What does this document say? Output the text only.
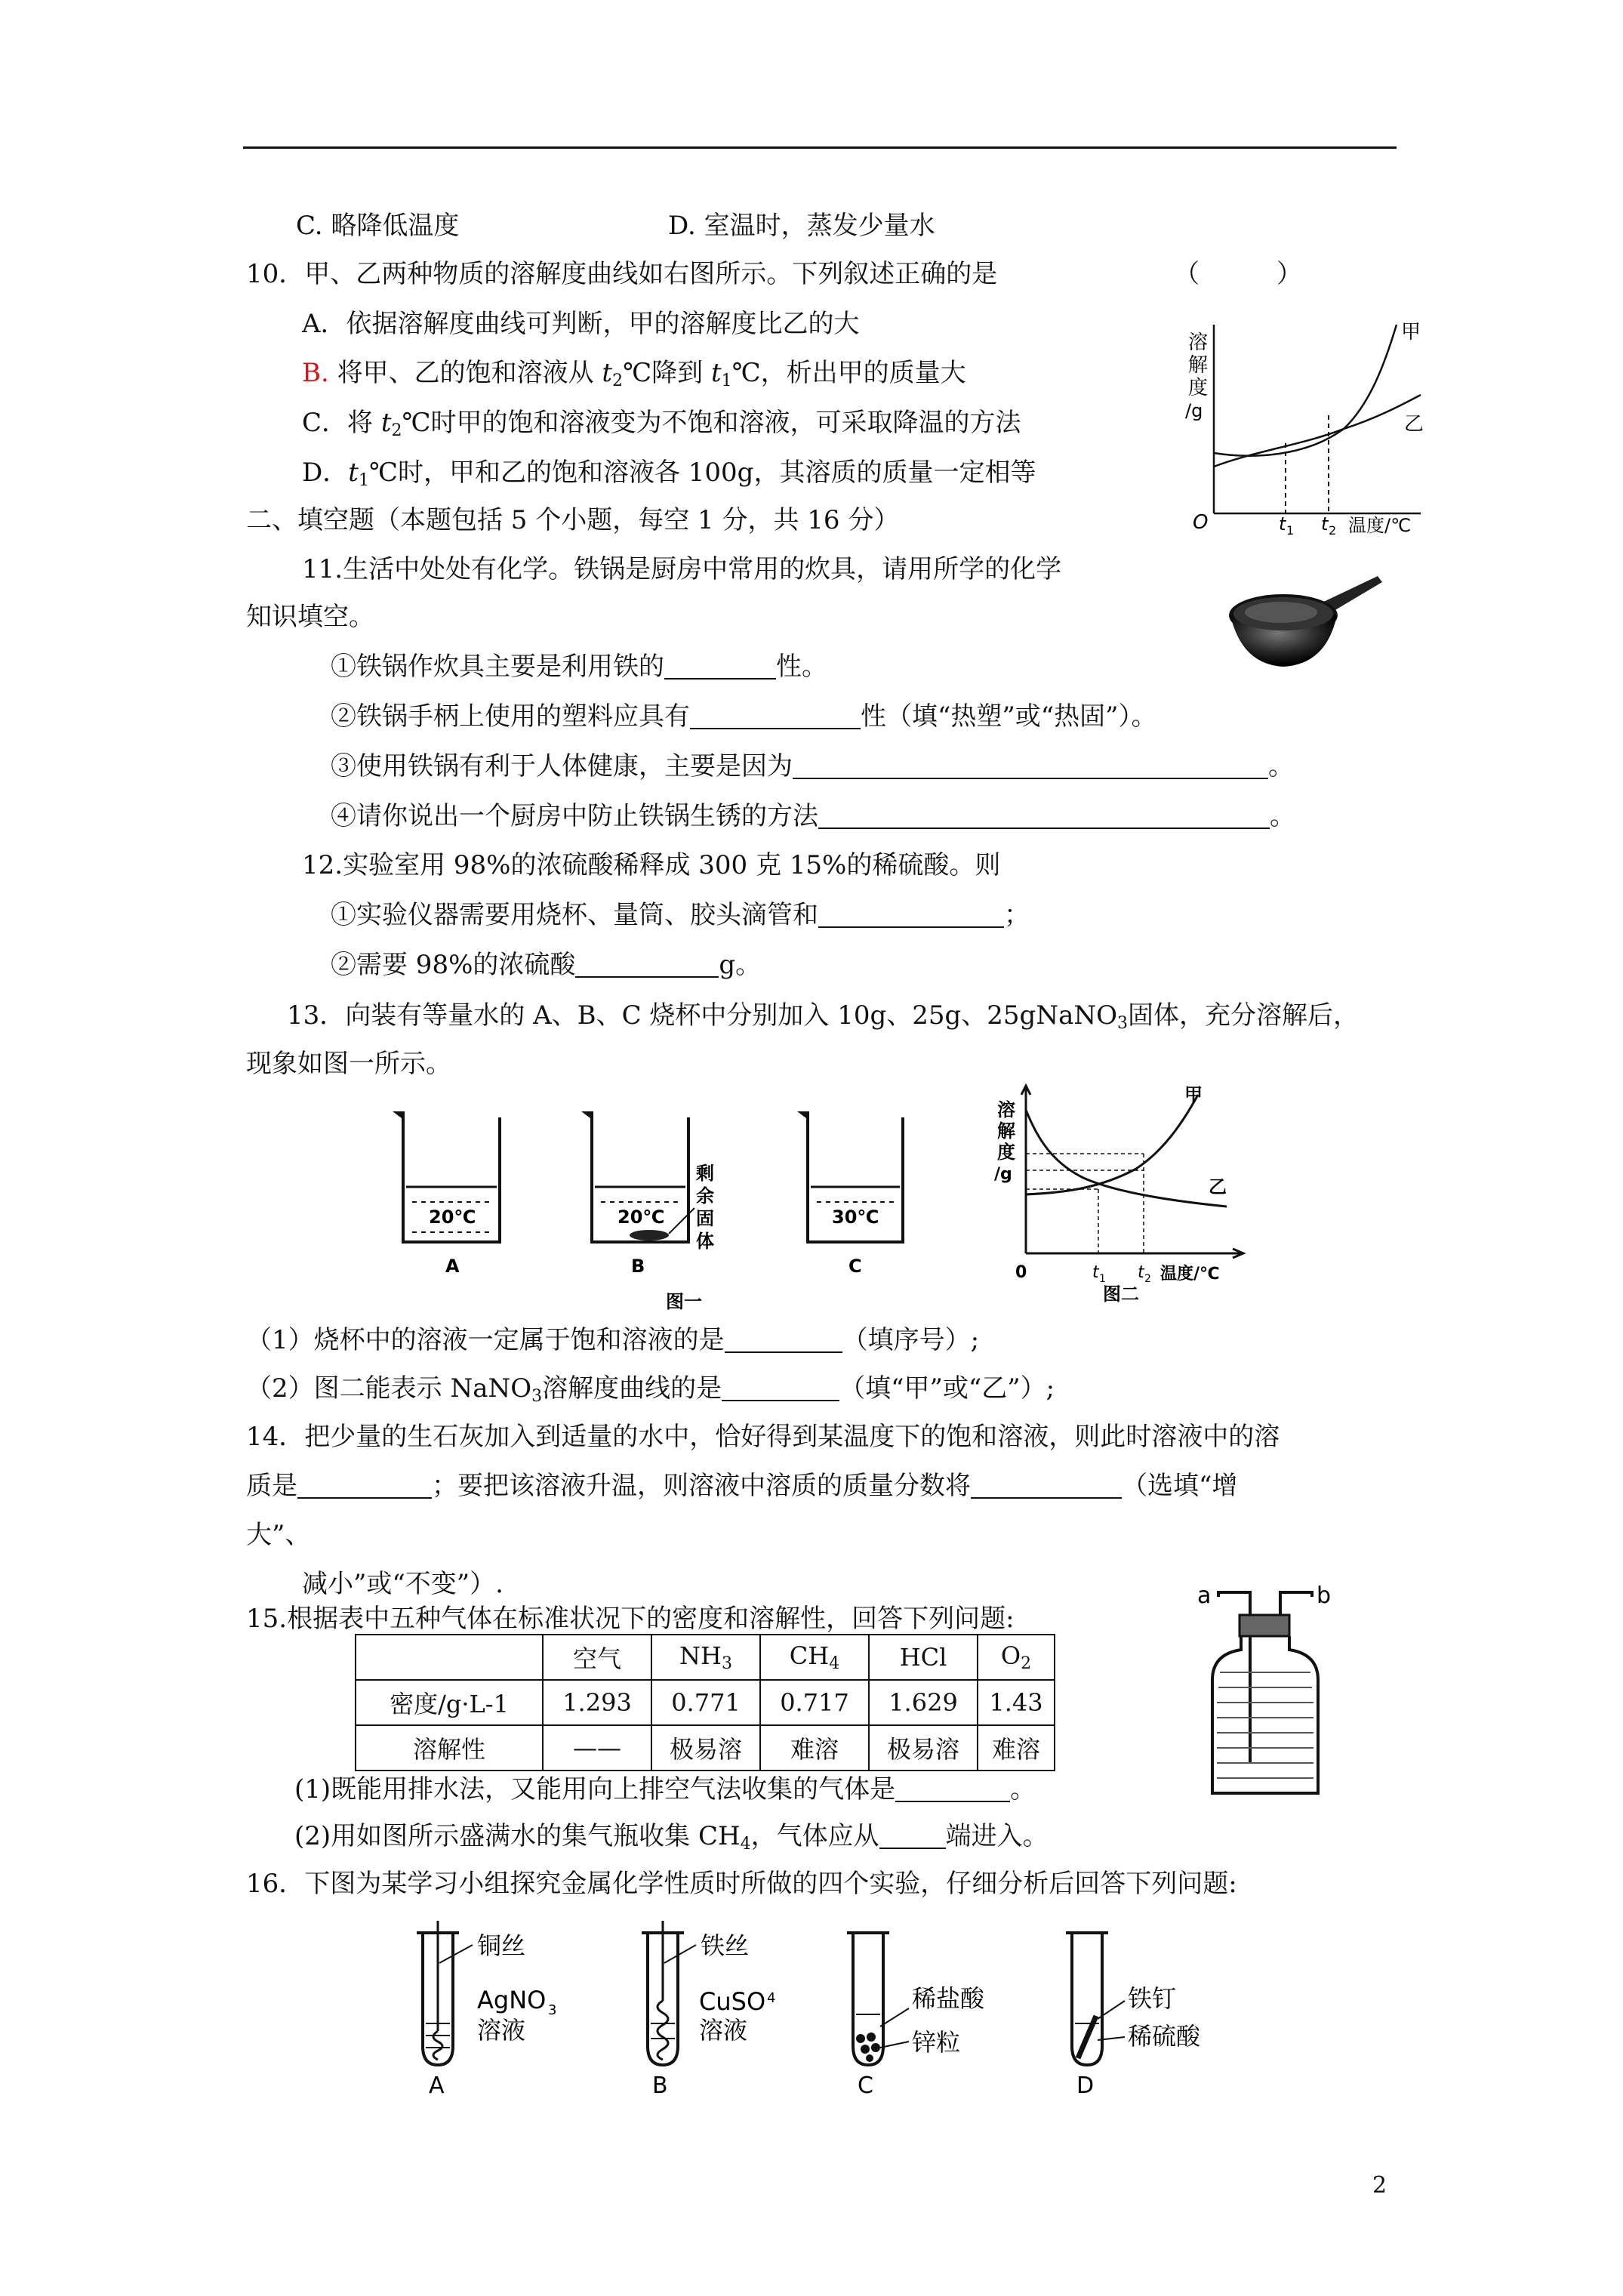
C. 略降低温度	D. 室温时，蒸发少量水
10．甲、乙两种物质的溶解度曲线如右图所示。下列叙述正确的是	（　　　）
A．依据溶解度曲线可判断，甲的溶解度比乙的大
B. 将甲、乙的饱和溶液从 $t_2℃$降到 $t_1℃$，析出甲的质量大
C．将 $t_2℃$时甲的饱和溶液变为不饱和溶液，可采取降温的方法
D．$t_1℃$时，甲和乙的饱和溶液各 100g，其溶质的质量一定相等
溶
解
度
/g
甲
乙
O	t 1 t 2 温度/℃
二、填空题（本题包括 5 个小题，每空 1 分，共 16 分）
11.生活中处处有化学。铁锅是厨房中常用的炊具，请用所学的化学
知识填空。
①铁锅作炊具主要是利用铁的	性。
②铁锅手柄上使用的塑料应具有	性（填“热塑”或“热固”）。
③使用铁锅有利于人体健康，主要是因为	。
④请你说出一个厨房中防止铁锅生锈的方法	。
12.实验室用 98%的浓硫酸稀释成 300 克 15%的稀硫酸。则
①实验仪器需要用烧杯、量筒、胶头滴管和	；
②需要 98%的浓硫酸	g。
13．向装有等量水的 A、B、C 烧杯中分别加入 10g、25g、25gNaNO$_3$固体，充分溶解后，
现象如图一所示。
20℃
A
20℃
B
剩
余
固
体
30℃
C
图一
溶
解
度
/g
甲
乙
0	t 1 t 2 温度/℃
图二
（1）烧杯中的溶液一定属于饱和溶液的是	（填序号）;
（2）图二能表示 NaNO$_3$溶解度曲线的是	（填“甲”或“乙”）;
14．把少量的生石灰加入到适量的水中，恰好得到某温度下的饱和溶液，则此时溶液中的溶
质是	；要把该溶液升温，则溶液中溶质的质量分数将	（选填“增
大”、
减小”或“不变”）.
15.根据表中五种气体在标准状况下的密度和溶解性，回答下列问题:
	空气	$NH_3$	$CH_4$	HCl	$O_2$
密度/g·L-1	1.293	0.771	0.717	1.629	1.43
溶解性	——	极易溶	难溶	极易溶	难溶
(1)既能用排水法，又能用向上排空气法收集的气体是	。
(2)用如图所示盛满水的集气瓶收集 $CH_4$，气体应从	端进入。
a	b
16．下图为某学习小组探究金属化学性质时所做的四个实验，仔细分析后回答下列问题:
铜丝
AgNO 3
溶液
A
铁丝
CuSO 4
溶液
B
稀盐酸
锌粒
C
铁钉
稀硫酸
D
2
